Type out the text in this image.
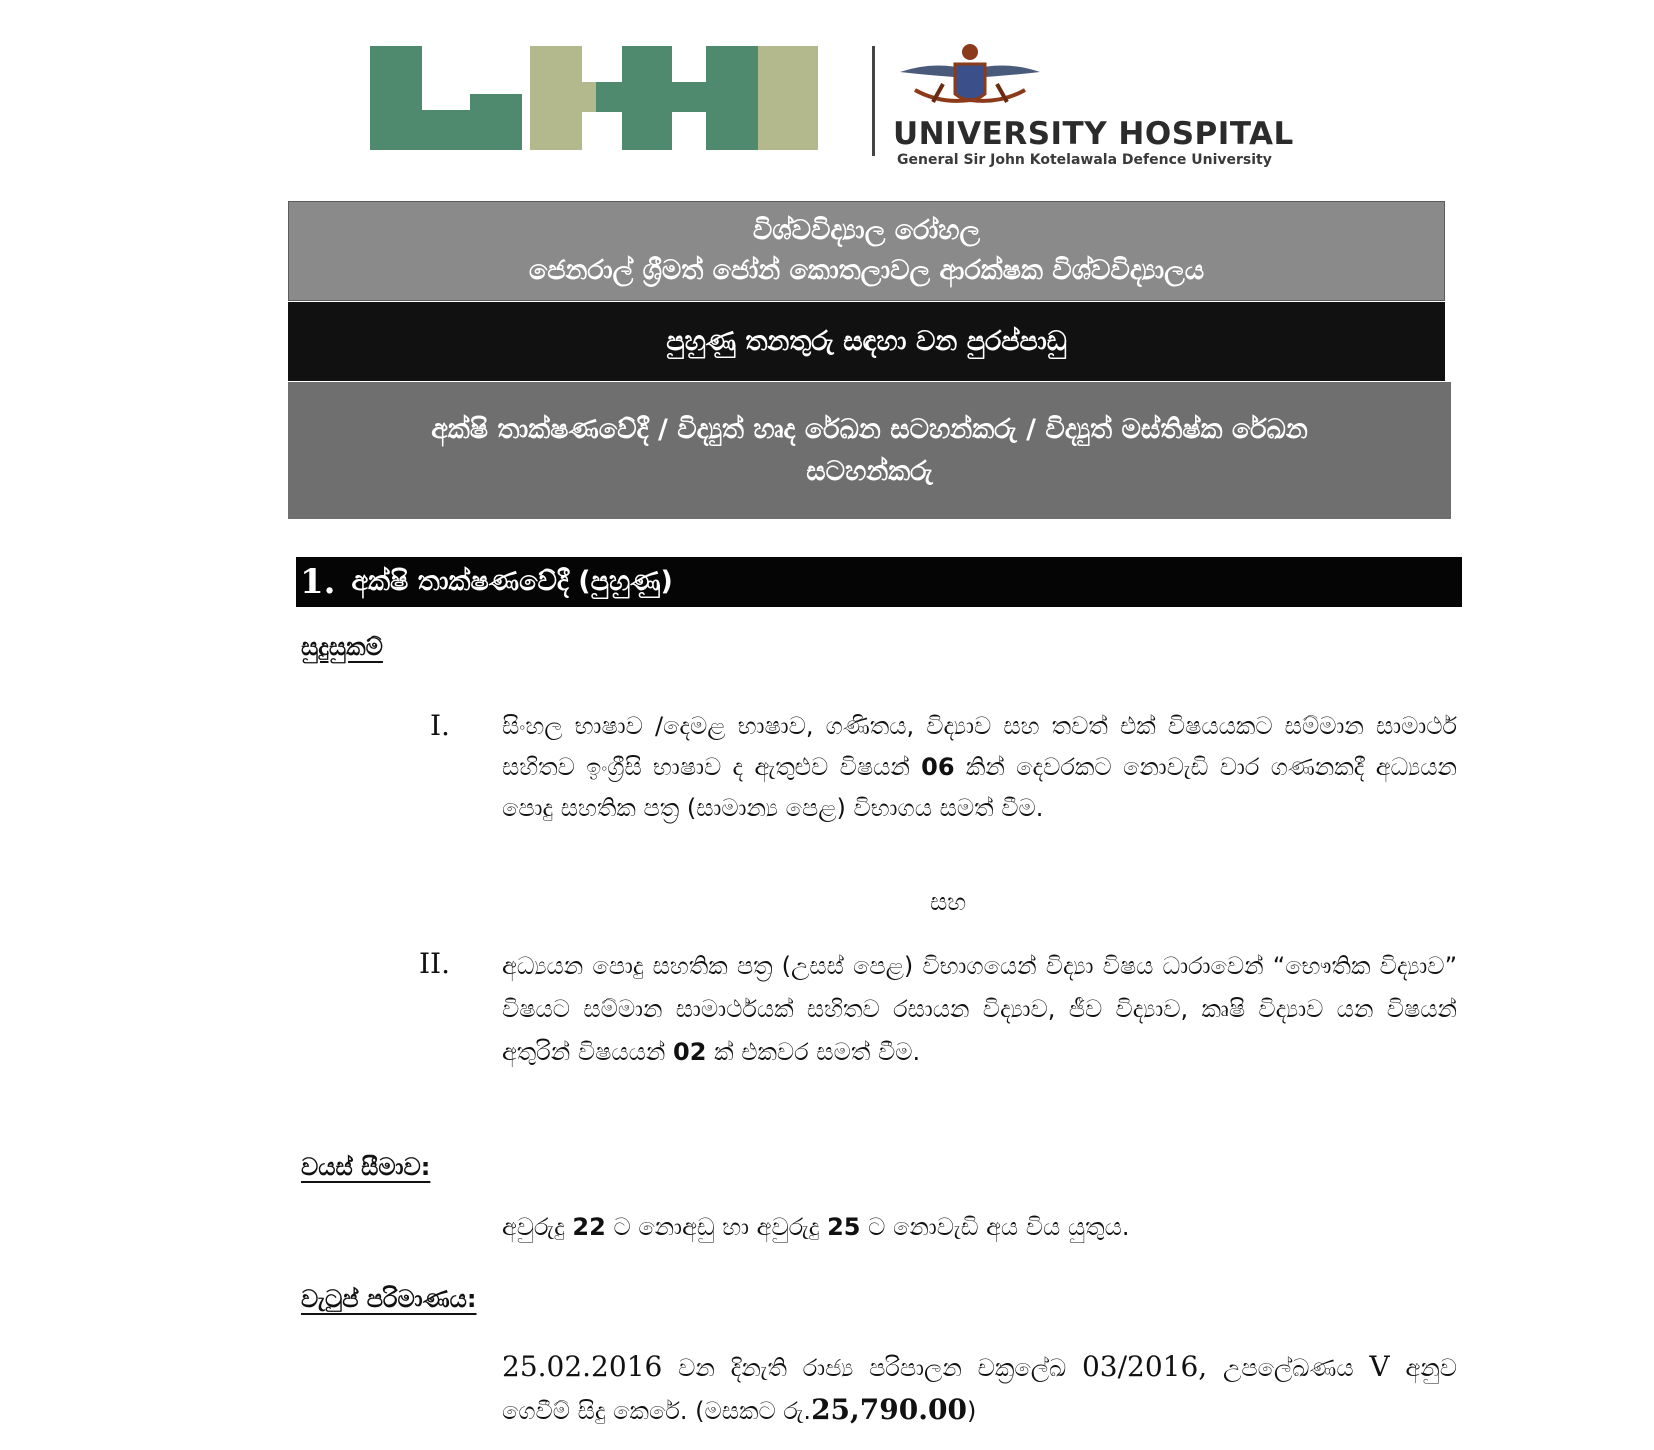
UNIVERSITY HOSPITAL
General Sir John Kotelawala Defence University
විශ්වවිද්‍යාල රෝහල
ජෙනරාල් ශ්‍රීමත් ජෝන් කොතලාවල ආරක්ෂක විශ්වවිද්‍යාලය
පුහුණු තනතුරු සඳහා වන පුරප්පාඩු
අක්ෂි තාක්ෂණවේදී / විද්‍යුත් හෘද රේඛන සටහන්කරු / විද්‍යුත් මස්තිෂ්ක රේඛන
සටහන්කරු
1. අක්ෂි තාක්ෂණවේදී (පුහුණු)
සුදුසුකම්
I. සිංහල භාෂාව /දෙමළ භාෂාව, ගණිතය, විද්‍යාව සහ තවත් එක් විෂයයකට සම්මාන සාමාර්ථ සහිතව ඉංග්‍රීසි භාෂාව ද ඇතුළුව විෂයන් 06 කින් දෙවරකට නොවැඩි වාර ගණනකදී අධ්‍යයන පොදු සහතික පත්‍ර (සාමාන්‍ය පෙළ) විභාගය සමත් වීම.
සහ
II. අධ්‍යයන පොදු සහතික පත්‍ර (උසස් පෙළ) විභාගයෙන් විද්‍යා විෂය ධාරාවෙන් “භෞතික විද්‍යාව” විෂයට සම්මාන සාමාර්ථයක් සහිතව රසායන විද්‍යාව, ජීව විද්‍යාව, කෘෂි විද්‍යාව යන විෂයන් අතුරින් විෂයයන් 02 ක් එකවර සමත් වීම.
වයස් සීමාව:
අවුරුදු 22 ට නොඅඩු හා අවුරුදු 25 ට නොවැඩි අය විය යුතුය.
වැටුප් පරිමාණය:
25.02.2016 වන දිනැති රාජ්‍ය පරිපාලන චක්‍රලේඛ 03/2016, උපලේඛණය V අනුව ගෙවීම් සිදු කෙරේ. (මසකට රු.25,790.00)
